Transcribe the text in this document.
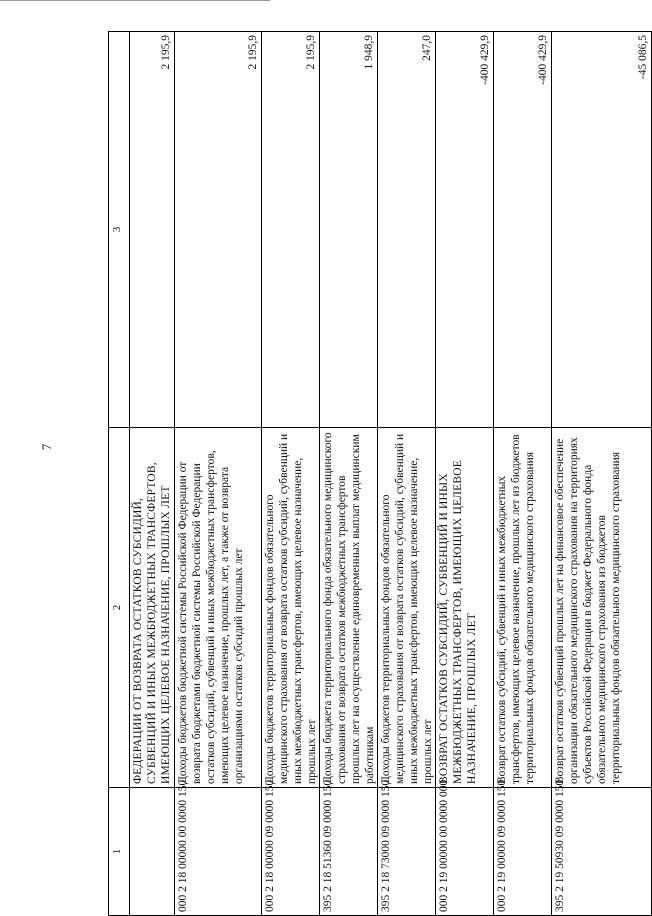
7
1
2
3
ФЕДЕРАЦИИ ОТ ВОЗВРАТА ОСТАТКОВ СУБСИДИЙ, СУБВЕНЦИЙ И ИНЫХ МЕЖБЮДЖЕТНЫХ ТРАНСФЕРТОВ, ИМЕЮЩИХ ЦЕЛЕВОЕ НАЗНАЧЕНИЕ, ПРОШЛЫХ ЛЕТ
2 195,9
000 2 18 00000 00 0000 150
Доходы бюджетов бюджетной системы Российской Федерации от возврата бюджетами бюджетной системы Российской Федерации остатков субсидий, субвенций и иных межбюджетных трансфертов, имеющих целевое назначение, прошлых лет, а также от возврата организациями остатков субсидий прошлых лет
2 195,9
000 2 18 00000 09 0000 150
Доходы бюджетов территориальных фондов обязательного медицинского страхования от возврата остатков субсидий, субвенций и иных межбюджетных трансфертов, имеющих целевое назначение, прошлых лет
2 195,9
395 2 18 51360 09 0000 150
Доходы бюджета территориального фонда обязательного медицинского страхования от возврата остатков межбюджетных трансфертов прошлых лет на осуществление единовременных выплат медицинским работникам
1 948,9
395 2 18 73000 09 0000 150
Доходы бюджетов территориальных фондов обязательного медицинского страхования от возврата остатков субсидий, субвенций и иных межбюджетных трансфертов, имеющих целевое назначение, прошлых лет
247,0
000 2 19 00000 00 0000 000
ВОЗВРАТ ОСТАТКОВ СУБСИДИЙ, СУБВЕНЦИЙ И ИНЫХ МЕЖБЮДЖЕТНЫХ ТРАНСФЕРТОВ, ИМЕЮЩИХ ЦЕЛЕВОЕ НАЗНАЧЕНИЕ, ПРОШЛЫХ ЛЕТ
-400 429,9
000 2 19 00000 09 0000 150
Возврат остатков субсидий, субвенций и иных межбюджетных трансфертов, имеющих целевое назначение, прошлых лет из бюджетов территориальных фондов обязательного медицинского страхования
-400 429,9
395 2 19 50930 09 0000 150
Возврат остатков субвенций прошлых лет на финансовое обеспечение организации обязательного медицинского страхования на территориях субъектов Российской Федерации в бюджет Федерального фонда обязательного медицинского страхования из бюджетов территориальных фондов обязательного медицинского страхования
-45 086,5
